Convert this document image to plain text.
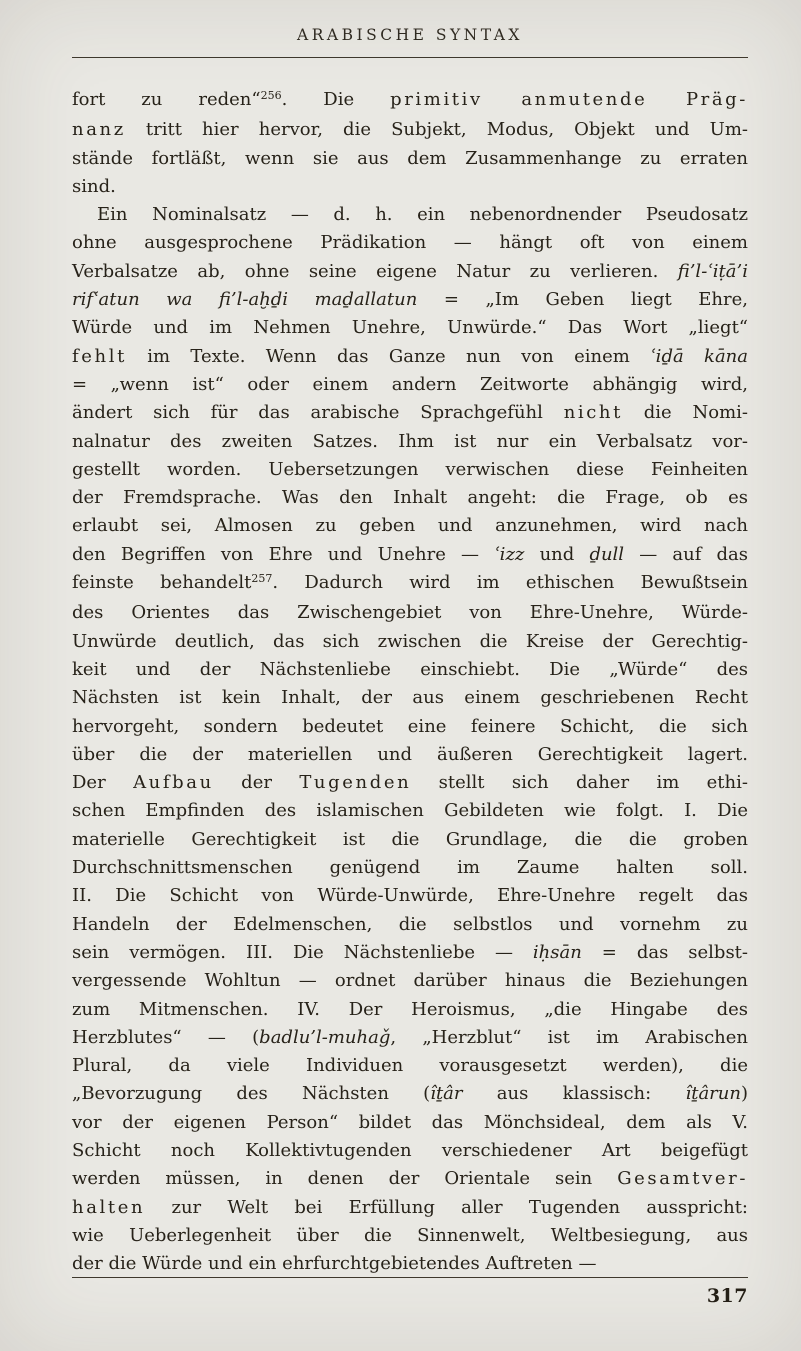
ARABISCHE SYNTAX
fort zu reden“$^{256}$. Die primitiv anmutende Präg-
nanz tritt hier hervor, die Subjekt, Modus, Objekt und Um-
stände fortläßt, wenn sie aus dem Zusammenhange zu erraten
sind.
Ein Nominalsatz — d. h. ein nebenordnender Pseudosatz
ohne ausgesprochene Prädikation — hängt oft von einem
Verbalsatze ab, ohne seine eigene Natur zu verlieren. fi’l-ʿiṭā’i
rifʿatun wa fi’l-aḫḏi maḏallatun = „Im Geben liegt Ehre,
Würde und im Nehmen Unehre, Unwürde.“ Das Wort „liegt“
fehlt im Texte. Wenn das Ganze nun von einem ʿiḏā kāna
= „wenn ist“ oder einem andern Zeitworte abhängig wird,
ändert sich für das arabische Sprachgefühl nicht die Nomi-
nalnatur des zweiten Satzes. Ihm ist nur ein Verbalsatz vor-
gestellt worden. Uebersetzungen verwischen diese Feinheiten
der Fremdsprache. Was den Inhalt angeht: die Frage, ob es
erlaubt sei, Almosen zu geben und anzunehmen, wird nach
den Begriffen von Ehre und Unehre — ʿizz und ḏull — auf das
feinste behandelt$^{257}$. Dadurch wird im ethischen Bewußtsein
des Orientes das Zwischengebiet von Ehre-Unehre, Würde-
Unwürde deutlich, das sich zwischen die Kreise der Gerechtig-
keit und der Nächstenliebe einschiebt. Die „Würde“ des
Nächsten ist kein Inhalt, der aus einem geschriebenen Recht
hervorgeht, sondern bedeutet eine feinere Schicht, die sich
über die der materiellen und äußeren Gerechtigkeit lagert.
Der Aufbau der Tugenden stellt sich daher im ethi-
schen Empfinden des islamischen Gebildeten wie folgt. I. Die
materielle Gerechtigkeit ist die Grundlage, die die groben
Durchschnittsmenschen genügend im Zaume halten soll.
II. Die Schicht von Würde-Unwürde, Ehre-Unehre regelt das
Handeln der Edelmenschen, die selbstlos und vornehm zu
sein vermögen. III. Die Nächstenliebe — iḥsān = das selbst-
vergessende Wohltun — ordnet darüber hinaus die Beziehungen
zum Mitmenschen. IV. Der Heroismus, „die Hingabe des
Herzblutes“ — (badlu’l-muhaǧ, „Herzblut“ ist im Arabischen
Plural, da viele Individuen vorausgesetzt werden), die
„Bevorzugung des Nächsten (îṯâr aus klassisch: îṯârun)
vor der eigenen Person“ bildet das Mönchsideal, dem als V.
Schicht noch Kollektivtugenden verschiedener Art beigefügt
werden müssen, in denen der Orientale sein Gesamtver-
halten zur Welt bei Erfüllung aller Tugenden ausspricht:
wie Ueberlegenheit über die Sinnenwelt, Weltbesiegung, aus
der die Würde und ein ehrfurchtgebietendes Auftreten —
317
